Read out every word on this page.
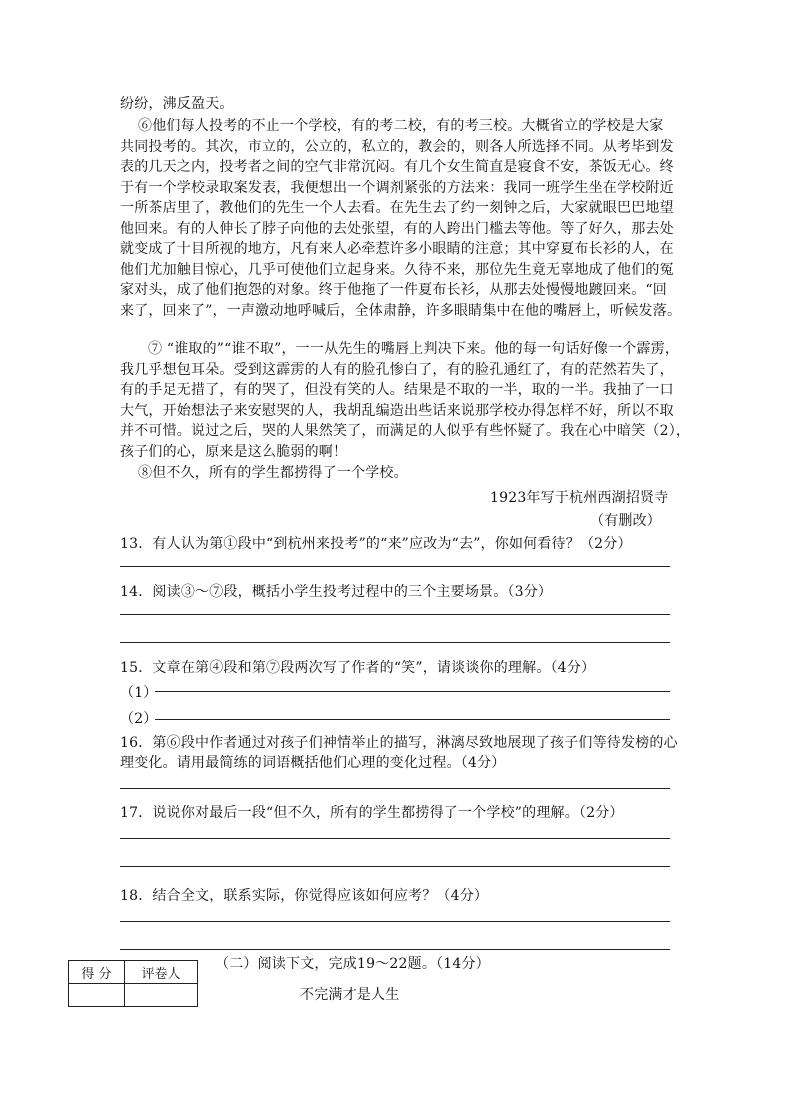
纷纷，沸反盈天。
⑥他们每人投考的不止一个学校，有的考二校，有的考三校。大概省立的学校是大家
共同投考的。其次，市立的，公立的，私立的，教会的，则各人所选择不同。从考毕到发
表的几天之内，投考者之间的空气非常沉闷。有几个女生简直是寝食不安，茶饭无心。终
于有一个学校录取案发表，我便想出一个调剂紧张的方法来：我同一班学生坐在学校附近
一所茶店里了，教他们的先生一个人去看。在先生去了约一刻钟之后，大家就眼巴巴地望
他回来。有的人伸长了脖子向他的去处张望，有的人跨出门槛去等他。等了好久，那去处
就变成了十目所视的地方，凡有来人必牵惹许多小眼睛的注意；其中穿夏布长衫的人，在
他们尤加触目惊心，几乎可使他们立起身来。久待不来，那位先生竟无辜地成了他们的冤
家对头，成了他们抱怨的对象。终于他拖了一件夏布长衫，从那去处慢慢地踱回来。“回
来了，回来了”，一声激动地呼喊后，全体肃静，许多眼睛集中在他的嘴唇上，听候发落。
⑦ “谁取的”“谁不取”，一一从先生的嘴唇上判决下来。他的每一句话好像一个霹雳，
我几乎想包耳朵。受到这霹雳的人有的脸孔惨白了，有的脸孔通红了，有的茫然若失了，
有的手足无措了，有的哭了，但没有笑的人。结果是不取的一半，取的一半。我抽了一口
大气，开始想法子来安慰哭的人，我胡乱编造出些话来说那学校办得怎样不好，所以不取
并不可惜。说过之后，哭的人果然笑了，而满足的人似乎有些怀疑了。我在心中暗笑（2），
孩子们的心，原来是这么脆弱的啊！
⑧但不久，所有的学生都捞得了一个学校。
1923年写于杭州西湖招贤寺
（有删改）
13．有人认为第①段中“到杭州来投考”的“来”应改为“去”，你如何看待？（2分）
14．阅读③～⑦段，概括小学生投考过程中的三个主要场景。（3分）
15．文章在第④段和第⑦段两次写了作者的“笑”，请谈谈你的理解。（4分）
（1）
（2）
16．第⑥段中作者通过对孩子们神情举止的描写，淋漓尽致地展现了孩子们等待发榜的心
理变化。请用最简练的词语概括他们心理的变化过程。（4分）
17．说说你对最后一段“但不久，所有的学生都捞得了一个学校”的理解。（2分）
18．结合全文，联系实际，你觉得应该如何应考？（4分）
得 分	评卷人

（二）阅读下文，完成19～22题。（14分）
不完满才是人生
